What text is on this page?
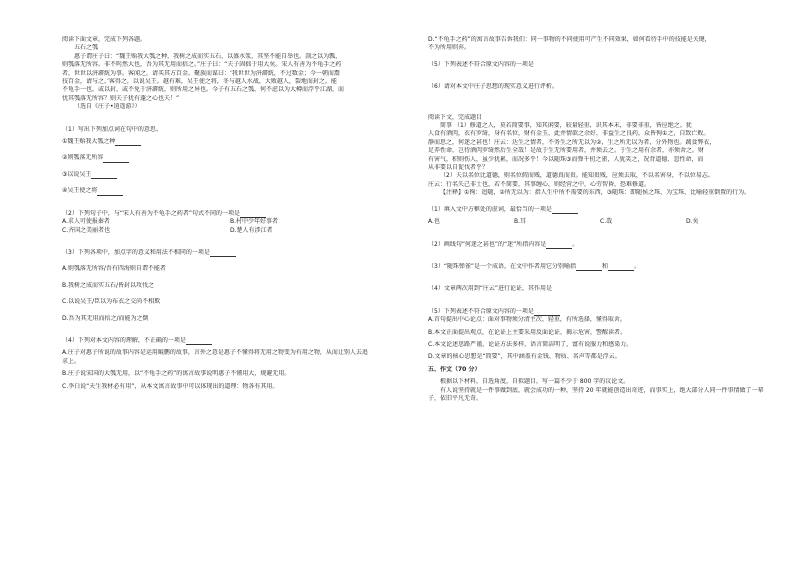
阅读下面文章，完成下列各题。

五石之瓠

惠子谓庄子曰：“魏王贻我大瓠之种，我树之成而实五石，以盛水浆，其坚不能自举也。剖之以为瓢，

则瓠落无所容。非不呺然大也，吾为其无用而掊之。”庄子曰：“夫子固拙于用大矣。宋人有善为不龟手之药

者，世世以洴澼絖为事。客闻之，请买其方百金。聚族而谋曰：‘我世世为洴澼絖，不过数金；今一朝而鬻

技百金，请与之。’客得之，以说吴王。越有难，吴王使之将，冬与越人水战，大败越人，裂地而封之。能

不龟手一也，或以封，或不免于洴澼絖，则所用之异也。今子有五石之瓠，何不虑以为大樽而浮乎江湖，而

忧其瓠落无所容？则夫子犹有蓬之心也夫！”

（选自《庄子•逍遥游》）

（1）写出下列加点词在句中的意思。

①魏王贻我大瓠之种

②则瓠落无所容

③以说吴王

④吴王使之将

（2）下列句子中，与“宋人有善为不龟手之药者”句式不同的一项是

A.求人可使报秦者	B.村中少年好事者
C.齐国之美丽者也	D.楚人有涉江者

（3）下列各项中，加点字的意义和用法不相同的一项是

A.则瓠落无所容/吾有四海则自谓不能者

B.我树之成而实五石/皆封以攻伐之

C.以说吴王/臣以为布衣之交尚不相欺

D.吾为其无用而掊之/而能为之倒

（4）下列对本文内容的理解，不正确的一项是

A.庄子对惠子所说的故事内容是运用鲲鹏的故事，言外之意是惠子不懂得将无用之物变为有用之物，从而让别人去追

求上。

B.庄子说宋国的大瓠无用，以“不龟手之药”的寓言故事说明惠子不懂用大，规避无用。

C.李白说“天生我材必有用”，从本文寓言故事中可以体现出的道理：物各有其用。

D.“不龟手之药”的寓言故事告诉我们：同一事物的不同使用可产生不同效果，如何看待手中的技能是关键，

不为所用则弃。

（5）下列表述不符合原文内容的一项是

（6）请对本文中庄子思想的现实意义进行评析。

阅读下文，完成题目

简事 （1）修道之人，莫若简要事，知其闲要，较量轻重，识其本末，非要非重，皆应绝之。犹

人食有酒肉，衣有罗绮，身有名位，财有金玉，此并情欲之余好，非益生之良药，众皆徇①之，自致亡败。

静而思之，何迷之甚也！庄云：达生之情者，不务生之所无以为②，生之所无以为者，分外物也。蔬食弊衣，

足养性命，岂待酒肉罗绮然后生全哉！是故于生无所要用者，并须去之。于生之用有余者，亦须舍之。财

有害气，积则伤人，虽少犹累，而况多乎！今以随珠③而弹千仞之雀，人犹笑之，况背道德、忽性命，而

从非要以自促伐者乎？

（2）夫以名位比道德，则名位假而贱，道德真而贵。能知贵贱，应须去取，不以名害身，不以位易志。

庄云：行名失己非士也，若不简要，其事缠心，则经营之中，心劳智昏，恐难修道。

【注释】①徇：追随，②所无以为：指人生中所不需要的东西，③随珠：即随侯之珠，为宝珠，比喻轻重倒置的行为。

（1）填入文中方框处的虚词，最恰当的一项是

A.也	B.耳	C.哉	D.矣

（2）画线句“何迷之甚也”的“迷”所指内容是	。

（3）“随珠弹雀”是一个成语，在文中作者用它分别喻指	和	。

（4）文章两次用到“庄云”进行论证，其作用是

（5）下列表述不符合原文内容的一项是

A.首句提出中心论点：面对事物须分清主次、轻重，有所选择，懂得取舍。

B.本文正面提出观点，在论证上主要采用反面论证，揭示危害，警醒读者。

C.本文论述思路严谨，论证方法多样，语言简洁明了，富有说服力和感染力。

D.文章的核心思想是“简要”，其中涵盖有金钱、物质、名声等都是浮云。

五、作文（70 分）

根据以下材料，自选角度，自拟题目，写一篇不少于 800 字的议论文。

有人说坚持就是一件事做到底，就会成功的一种，坚持 20 年就能创造出奇迹，而事实上，绝大部分人同一件事情做了一辈子，依旧平凡无奇。
